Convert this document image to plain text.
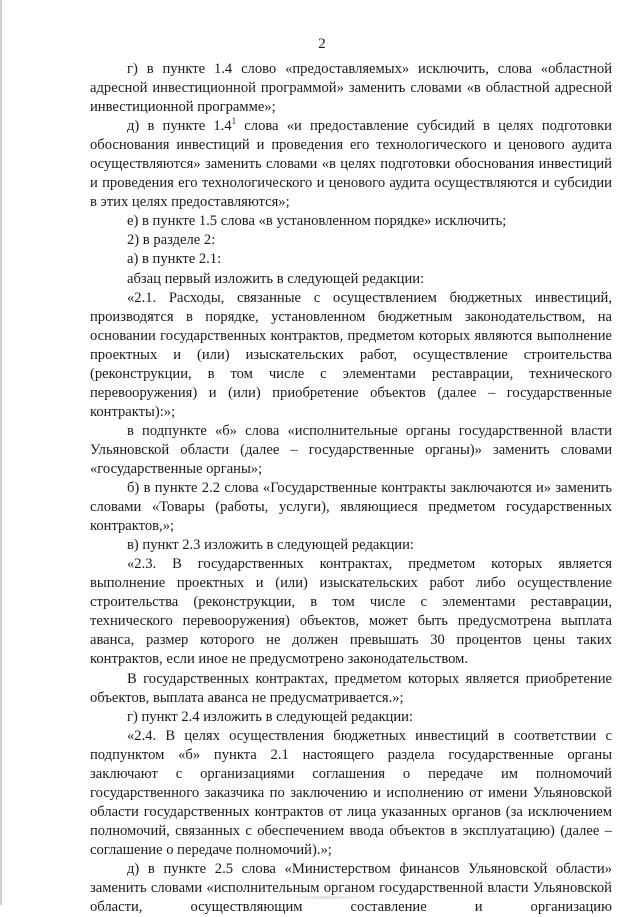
2

г) в пункте 1.4 слово «предоставляемых» исключить, слова «областной адресной инвестиционной программой» заменить словами «в областной адресной инвестиционной программе»;

д) в пункте $1.4^1$ слова «и предоставление субсидий в целях подготовки обоснования инвестиций и проведения его технологического и ценового аудита осуществляются» заменить словами «в целях подготовки обоснования инвестиций и проведения его технологического и ценового аудита осуществляются и субсидии в этих целях предоставляются»;

е) в пункте 1.5 слова «в установленном порядке» исключить;

2) в разделе 2:

а) в пункте 2.1:

абзац первый изложить в следующей редакции:

«2.1. Расходы, связанные с осуществлением бюджетных инвестиций, производятся в порядке, установленном бюджетным законодательством, на основании государственных контрактов, предметом которых являются выполнение проектных и (или) изыскательских работ, осуществление строительства (реконструкции, в том числе с элементами реставрации, технического перевооружения) и (или) приобретение объектов (далее – государственные контракты):»;

в подпункте «б» слова «исполнительные органы государственной власти Ульяновской области (далее – государственные органы)» заменить словами «государственные органы»;

б) в пункте 2.2 слова «Государственные контракты заключаются и» заменить словами «Товары (работы, услуги), являющиеся предметом государственных контрактов,»;

в) пункт 2.3 изложить в следующей редакции:

«2.3. В государственных контрактах, предметом которых является выполнение проектных и (или) изыскательских работ либо осуществление строительства (реконструкции, в том числе с элементами реставрации, технического перевооружения) объектов, может быть предусмотрена выплата аванса, размер которого не должен превышать 30 процентов цены таких контрактов, если иное не предусмотрено законодательством.

В государственных контрактах, предметом которых является приобретение объектов, выплата аванса не предусматривается.»;

г) пункт 2.4 изложить в следующей редакции:

«2.4. В целях осуществления бюджетных инвестиций в соответствии с подпунктом «б» пункта 2.1 настоящего раздела государственные органы заключают с организациями соглашения о передаче им полномочий государственного заказчика по заключению и исполнению от имени Ульяновской области государственных контрактов от лица указанных органов (за исключением полномочий, связанных с обеспечением ввода объектов в эксплуатацию) (далее – соглашение о передаче полномочий).»;

д) в пункте 2.5 слова «Министерством финансов Ульяновской области» заменить словами «исполнительным органом государственной власти Ульяновской области, осуществляющим составление и организацию
